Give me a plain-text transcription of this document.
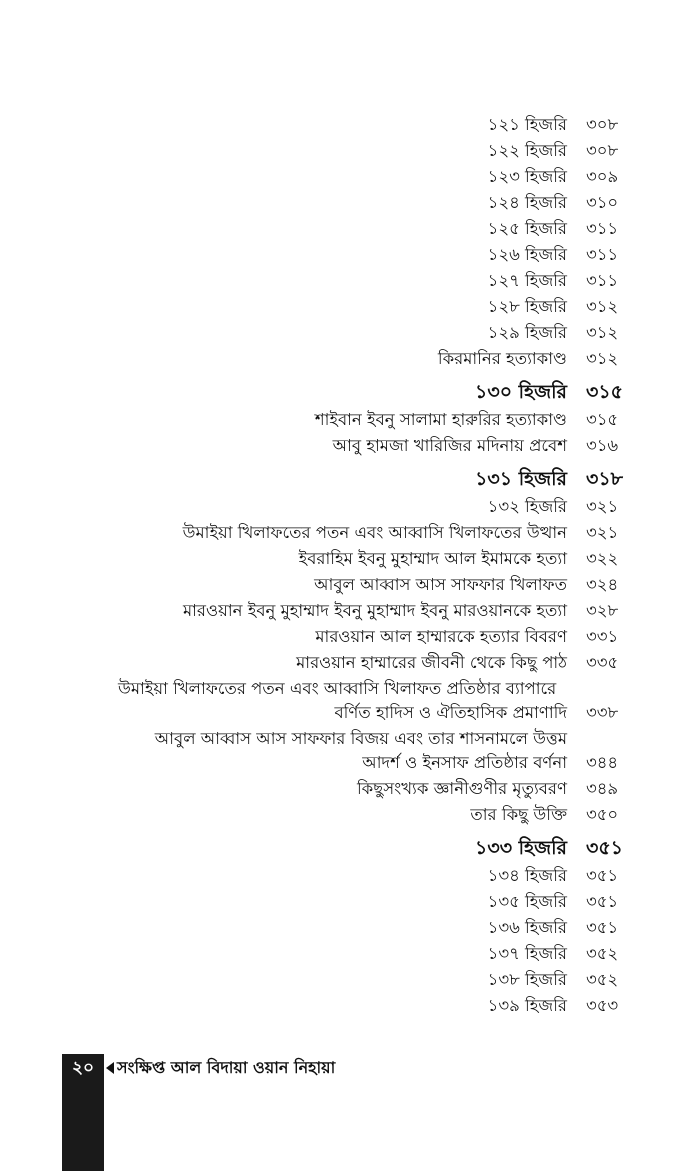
১২১ হিজরি ৩০৮
১২২ হিজরি ৩০৮
১২৩ হিজরি ৩০৯
১২৪ হিজরি ৩১০
১২৫ হিজরি ৩১১
১২৬ হিজরি ৩১১
১২৭ হিজরি ৩১১
১২৮ হিজরি ৩১২
১২৯ হিজরি ৩১২
কিরমানির হত্যাকাণ্ড ৩১২
১৩০ হিজরি ৩১৫
শাইবান ইবনু সালামা হারুরির হত্যাকাণ্ড ৩১৫
আবু হামজা খারিজির মদিনায় প্রবেশ ৩১৬
১৩১ হিজরি ৩১৮
১৩২ হিজরি ৩২১
উমাইয়া খিলাফতের পতন এবং আব্বাসি খিলাফতের উত্থান ৩২১
ইবরাহিম ইবনু মুহাম্মাদ আল ইমামকে হত্যা ৩২২
আবুল আব্বাস আস সাফফার খিলাফত ৩২৪
মারওয়ান ইবনু মুহাম্মাদ ইবনু মুহাম্মাদ ইবনু মারওয়ানকে হত্যা ৩২৮
মারওয়ান আল হাম্মারকে হত্যার বিবরণ ৩৩১
মারওয়ান হাম্মারের জীবনী থেকে কিছু পাঠ ৩৩৫
উমাইয়া খিলাফতের পতন এবং আব্বাসি খিলাফত প্রতিষ্ঠার ব্যাপারে
বর্ণিত হাদিস ও ঐতিহাসিক প্রমাণাদি ৩৩৮
আবুল আব্বাস আস সাফফার বিজয় এবং তার শাসনামলে উত্তম
আদর্শ ও ইনসাফ প্রতিষ্ঠার বর্ণনা ৩৪৪
কিছুসংখ্যক জ্ঞানীগুণীর মৃত্যুবরণ ৩৪৯
তার কিছু উক্তি ৩৫০
১৩৩ হিজরি ৩৫১
১৩৪ হিজরি ৩৫১
১৩৫ হিজরি ৩৫১
১৩৬ হিজরি ৩৫১
১৩৭ হিজরি ৩৫২
১৩৮ হিজরি ৩৫২
১৩৯ হিজরি ৩৫৩
২০	সংক্ষিপ্ত আল বিদায়া ওয়ান নিহায়া
